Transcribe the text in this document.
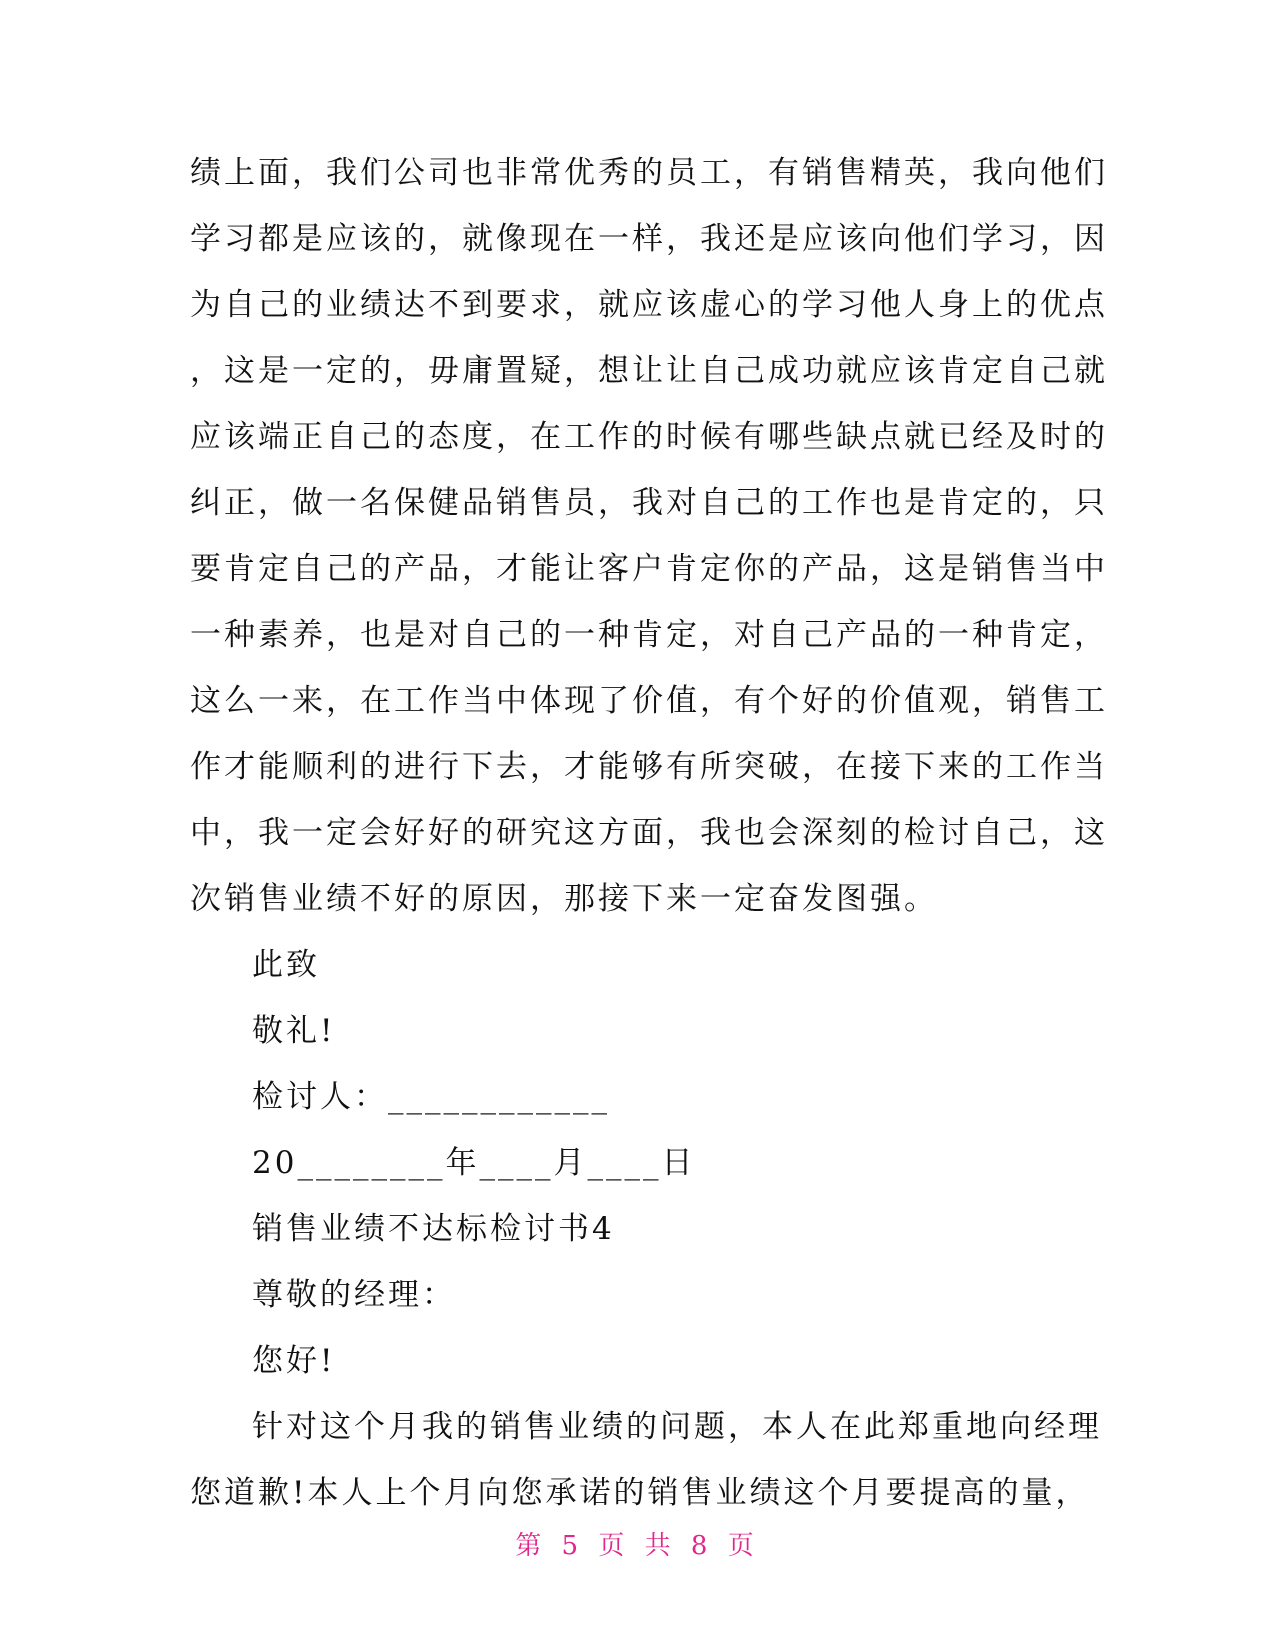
绩上面，我们公司也非常优秀的员工，有销售精英，我向他们
学习都是应该的，就像现在一样，我还是应该向他们学习，因
为自己的业绩达不到要求，就应该虚心的学习他人身上的优点
，这是一定的，毋庸置疑，想让让自己成功就应该肯定自己就
应该端正自己的态度，在工作的时候有哪些缺点就已经及时的
纠正，做一名保健品销售员，我对自己的工作也是肯定的，只
要肯定自己的产品，才能让客户肯定你的产品，这是销售当中
一种素养，也是对自己的一种肯定，对自己产品的一种肯定，
这么一来，在工作当中体现了价值，有个好的价值观，销售工
作才能顺利的进行下去，才能够有所突破，在接下来的工作当
中，我一定会好好的研究这方面，我也会深刻的检讨自己，这
次销售业绩不好的原因，那接下来一定奋发图强。
此致
敬礼!
检讨人：____________
20________年____月____日
销售业绩不达标检讨书4
尊敬的经理：
您好!
针对这个月我的销售业绩的问题，本人在此郑重地向经理
您道歉!本人上个月向您承诺的销售业绩这个月要提高的量，
第 5 页 共 8 页
